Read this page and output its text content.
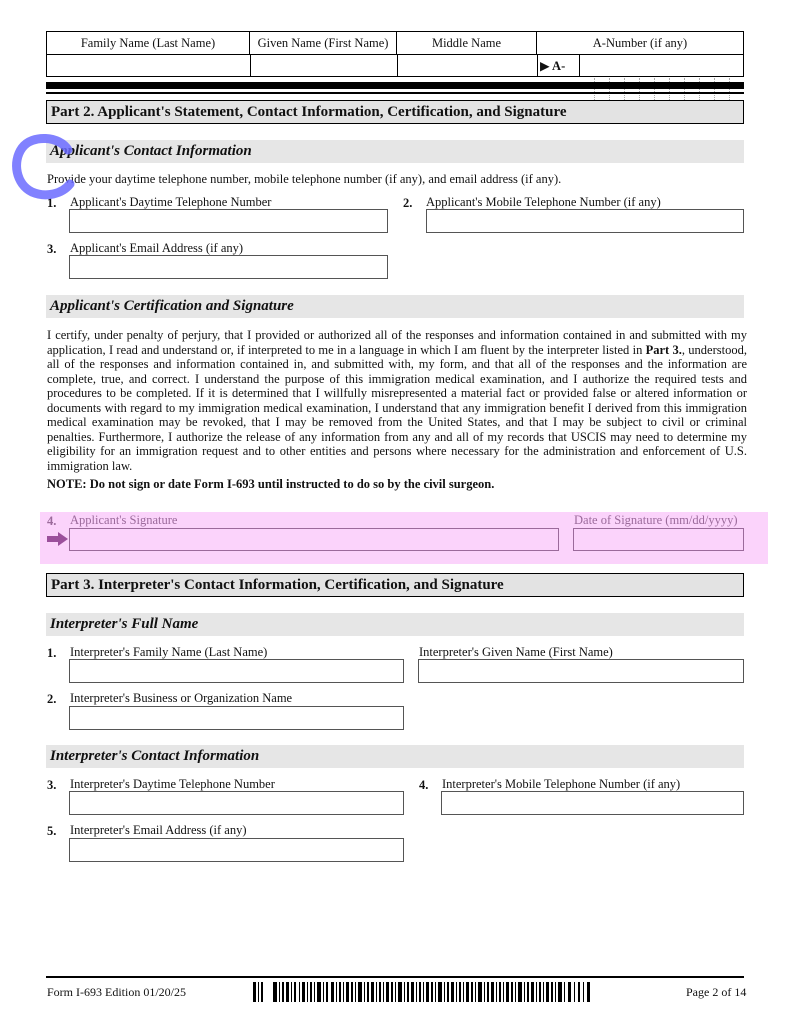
Family Name (Last Name)	Given Name (First Name)	Middle Name	A-Number (if any)
▶ A-
Part 2. Applicant's Statement, Contact Information, Certification, and Signature
Applicant's Contact Information
Provide your daytime telephone number, mobile telephone number (if any), and email address (if any).
1. Applicant's Daytime Telephone Number	2. Applicant's Mobile Telephone Number (if any)
3. Applicant's Email Address (if any)
Applicant's Certification and Signature
I certify, under penalty of perjury, that I provided or authorized all of the responses and information contained in and submitted with my application, I read and understand or, if interpreted to me in a language in which I am fluent by the interpreter listed in Part 3., understood, all of the responses and information contained in, and submitted with, my form, and that all of the responses and the information are complete, true, and correct. I understand the purpose of this immigration medical examination, and I authorize the required tests and procedures to be completed. If it is determined that I willfully misrepresented a material fact or provided false or altered information or documents with regard to my immigration medical examination, I understand that any immigration benefit I derived from this immigration medical examination may be revoked, that I may be removed from the United States, and that I may be subject to civil or criminal penalties. Furthermore, I authorize the release of any information from any and all of my records that USCIS may need to determine my eligibility for an immigration request and to other entities and persons where necessary for the administration and enforcement of U.S. immigration law.
NOTE: Do not sign or date Form I-693 until instructed to do so by the civil surgeon.
4. Applicant's Signature	Date of Signature (mm/dd/yyyy)
Part 3. Interpreter's Contact Information, Certification, and Signature
Interpreter's Full Name
1. Interpreter's Family Name (Last Name)	Interpreter's Given Name (First Name)
2. Interpreter's Business or Organization Name
Interpreter's Contact Information
3. Interpreter's Daytime Telephone Number	4. Interpreter's Mobile Telephone Number (if any)
5. Interpreter's Email Address (if any)
Form I-693 Edition 01/20/25	Page 2 of 14
